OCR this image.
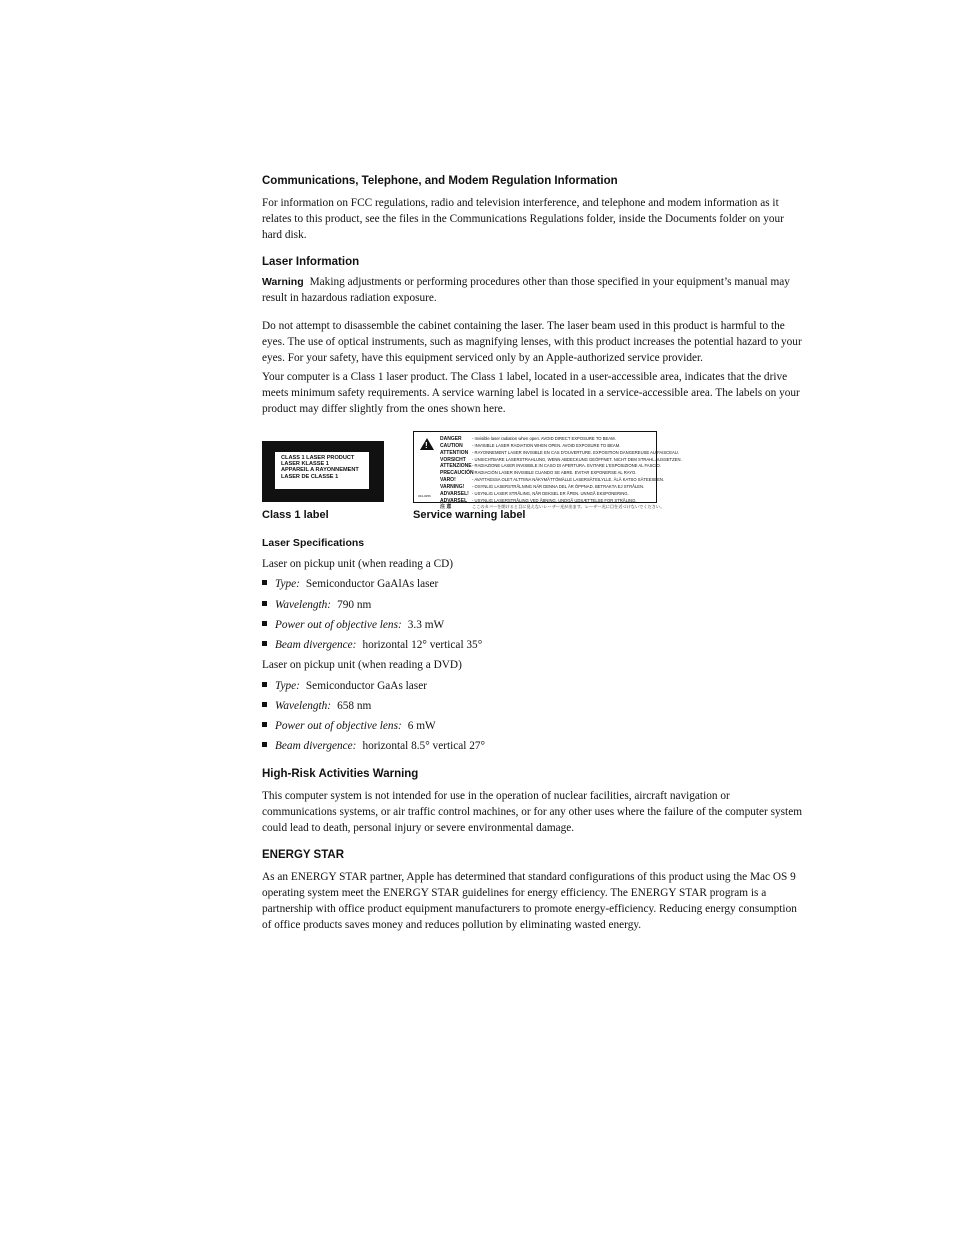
Communications, Telephone, and Modem Regulation Information
For information on FCC regulations, radio and television interference, and telephone and modem information as it relates to this product, see the files in the Communications Regulations folder, inside the Documents folder on your hard disk.
Laser Information
Warning Making adjustments or performing procedures other than those specified in your equipment’s manual may result in hazardous radiation exposure.
Do not attempt to disassemble the cabinet containing the laser. The laser beam used in this product is harmful to the eyes. The use of optical instruments, such as magnifying lenses, with this product increases the potential hazard to your eyes. For your safety, have this equipment serviced only by an Apple-authorized service provider.
Your computer is a Class 1 laser product. The Class 1 label, located in a user-accessible area, indicates that the drive meets minimum safety requirements. A service warning label is located in a service-accessible area. The labels on your product may differ slightly from the ones shown here.
CLASS 1 LASER PRODUCT
LASER KLASSE 1
APPAREIL A RAYONNEMENT
LASER DE CLASSE 1
!
DANGER - Invisible laser radiation when open. AVOID DIRECT EXPOSURE TO BEAM.
CAUTION - INVISIBLE LASER RADIATION WHEN OPEN. AVOID EXPOSURE TO BEAM.
ATTENTION - RAYONNEMENT LASER INVISIBLE EN CAS D'OUVERTURE. EXPOSITION DANGEREUSE AU FAISCEAU.
VORSICHT - UNSICHTBARE LASERSTRAHLUNG, WENN ABDECKUNG GEÖFFNET. NICHT DEM STRAHL AUSSETZEN.
ATTENZIONE- RADIAZIONE LASER INVISIBILE IN CASO DI APERTURA. EVITARE L'ESPOSIZIONE AL FASCIO.
PRECAUCIÓN- RADIACIÓN LASER INVISIBLE CUANDO SE ABRE. EVITAR EXPONERSE AL RAYO.
VARO!	- AVATTAESSA OLET ALTTIINA NÄKYMÄTTÖMÄLLE LASERSÄTEILYLLE. ÄLÄ KATSO SÄTEESEEN.
VARNING! - OSYNLIG LASERSTRÅLNING NÄR DENNA DEL ÄR ÖPPNAD. BETRAKTA EJ STRÅLEN.
ADVARSEL! - USYNLIG LASER STRÅLING, NÅR DEKSEL ER ÅPEN. UNNGÅ EKSPONERING.
ADVARSEL - USYNLIG LASERSTRÅLING VED ÅBNING. UNDGÅ UDSÆTTELSE FOR STRÅLING.
注 意	ここのカバーを開けると目に見えないレーザー光が出ます。レーザー光に目を近づけないでください。
034-0256
Class 1 label	Service warning label
Laser Specifications
Laser on pickup unit (when reading a CD)
Type: Semiconductor GaAlAs laser
Wavelength: 790 nm
Power out of objective lens: 3.3 mW
Beam divergence: horizontal 12° vertical 35°
Laser on pickup unit (when reading a DVD)
Type: Semiconductor GaAs laser
Wavelength: 658 nm
Power out of objective lens: 6 mW
Beam divergence: horizontal 8.5° vertical 27°
High-Risk Activities Warning
This computer system is not intended for use in the operation of nuclear facilities, aircraft navigation or communications systems, or air traffic control machines, or for any other uses where the failure of the computer system could lead to death, personal injury or severe environmental damage.
ENERGY STAR
As an ENERGY STAR partner, Apple has determined that standard configurations of this product using the Mac OS 9 operating system meet the ENERGY STAR guidelines for energy efficiency. The ENERGY STAR program is a partnership with office product equipment manufacturers to promote energy-efficiency. Reducing energy consumption of office products saves money and reduces pollution by eliminating wasted energy.
